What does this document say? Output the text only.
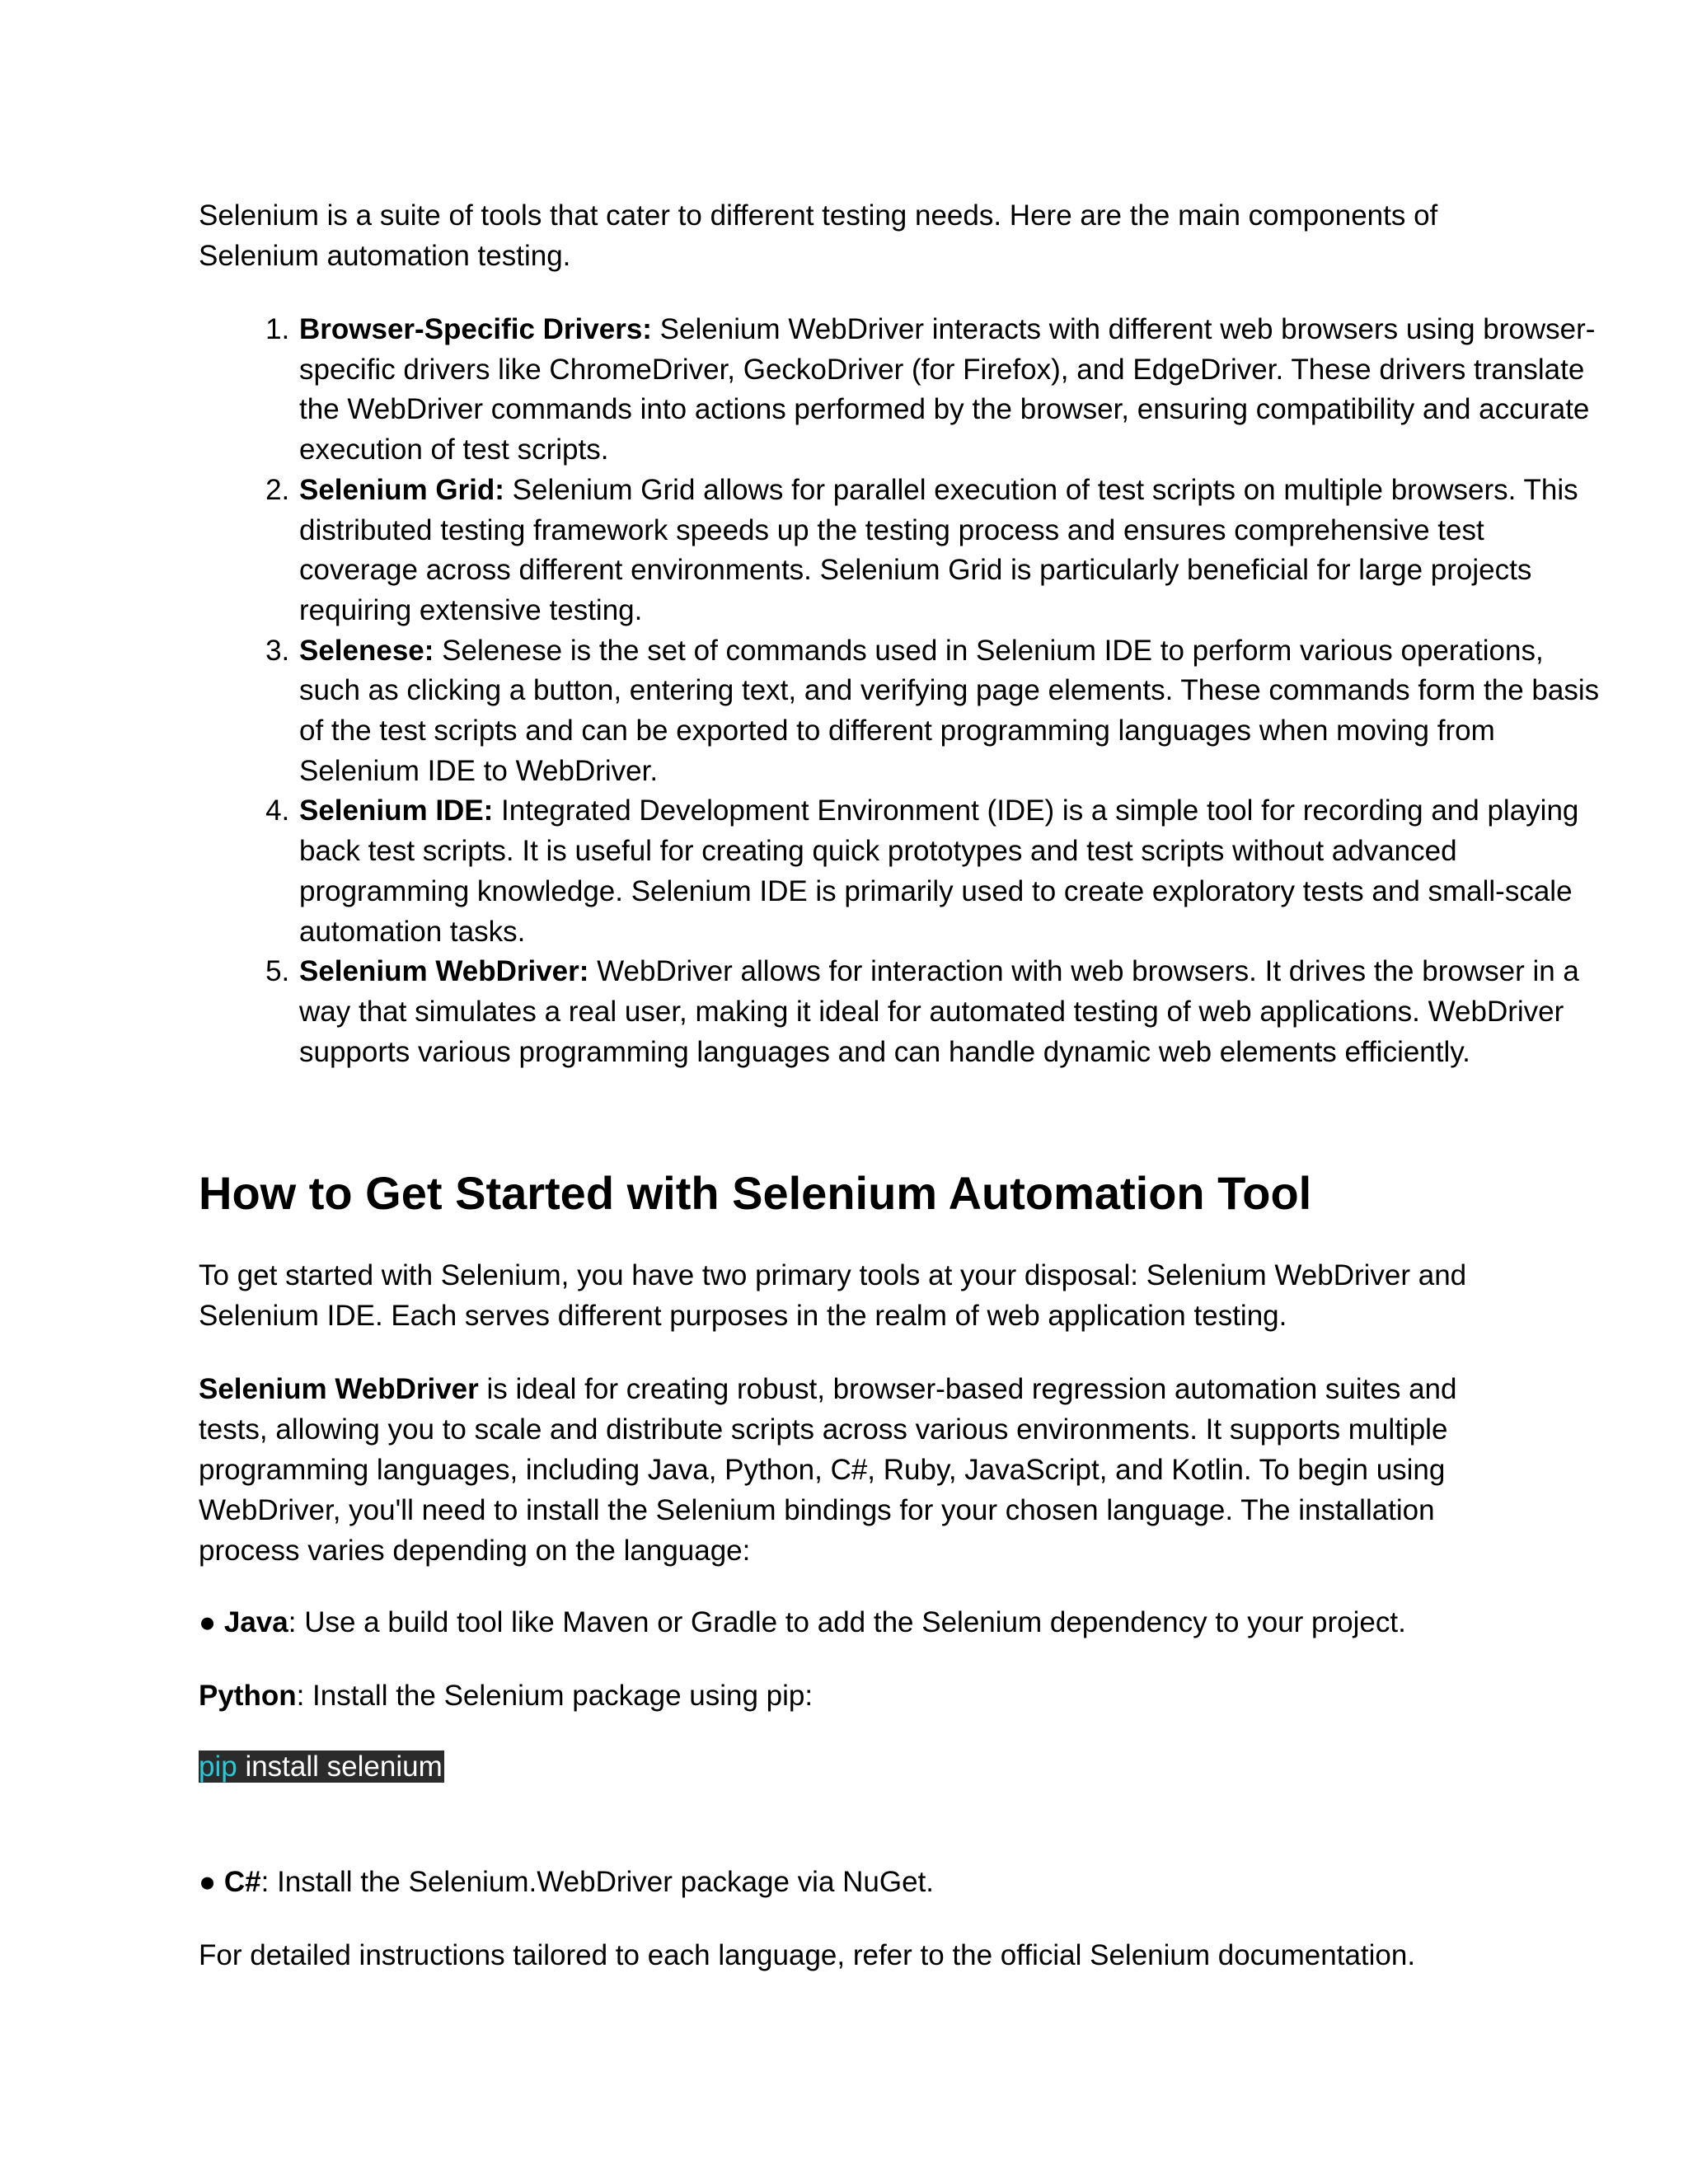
Selenium is a suite of tools that cater to different testing needs. Here are the main components of Selenium automation testing.

1. Browser-Specific Drivers: Selenium WebDriver interacts with different web browsers using browser-specific drivers like ChromeDriver, GeckoDriver (for Firefox), and EdgeDriver. These drivers translate the WebDriver commands into actions performed by the browser, ensuring compatibility and accurate execution of test scripts.
2. Selenium Grid: Selenium Grid allows for parallel execution of test scripts on multiple browsers. This distributed testing framework speeds up the testing process and ensures comprehensive test coverage across different environments. Selenium Grid is particularly beneficial for large projects requiring extensive testing.
3. Selenese: Selenese is the set of commands used in Selenium IDE to perform various operations, such as clicking a button, entering text, and verifying page elements. These commands form the basis of the test scripts and can be exported to different programming languages when moving from Selenium IDE to WebDriver.
4. Selenium IDE: Integrated Development Environment (IDE) is a simple tool for recording and playing back test scripts. It is useful for creating quick prototypes and test scripts without advanced programming knowledge. Selenium IDE is primarily used to create exploratory tests and small-scale automation tasks.
5. Selenium WebDriver: WebDriver allows for interaction with web browsers. It drives the browser in a way that simulates a real user, making it ideal for automated testing of web applications. WebDriver supports various programming languages and can handle dynamic web elements efficiently.
How to Get Started with Selenium Automation Tool

To get started with Selenium, you have two primary tools at your disposal: Selenium WebDriver and Selenium IDE. Each serves different purposes in the realm of web application testing.

Selenium WebDriver is ideal for creating robust, browser-based regression automation suites and tests, allowing you to scale and distribute scripts across various environments. It supports multiple programming languages, including Java, Python, C#, Ruby, JavaScript, and Kotlin. To begin using WebDriver, you'll need to install the Selenium bindings for your chosen language. The installation process varies depending on the language:

● Java: Use a build tool like Maven or Gradle to add the Selenium dependency to your project.

Python: Install the Selenium package using pip:

pip install selenium

● C#: Install the Selenium.WebDriver package via NuGet.

For detailed instructions tailored to each language, refer to the official Selenium documentation.
